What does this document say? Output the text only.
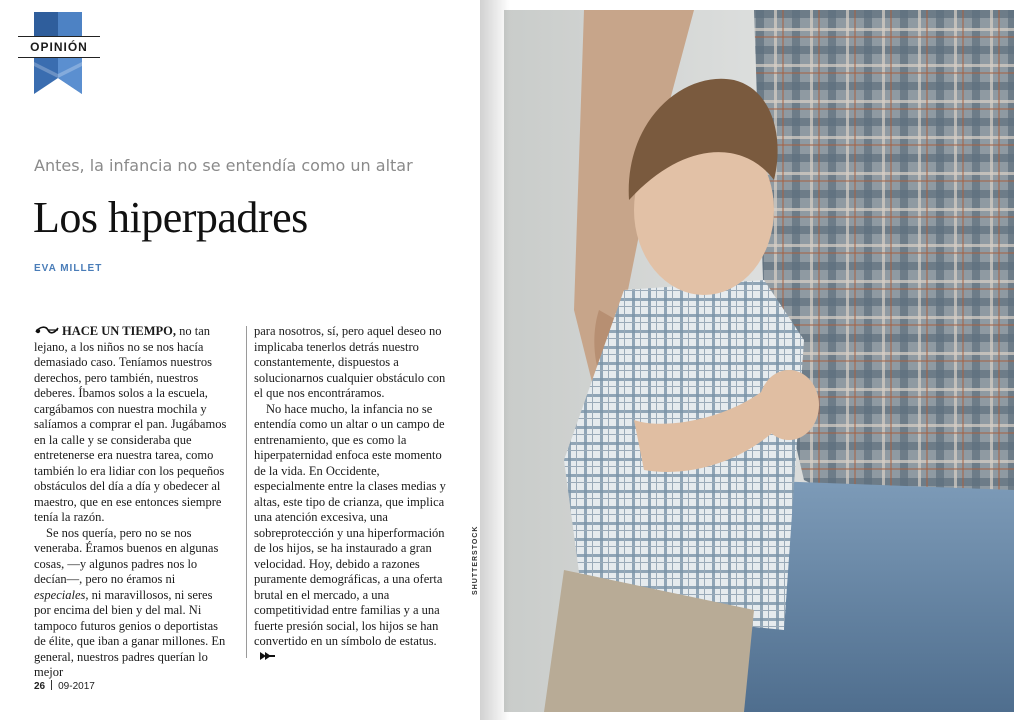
OPINIÓN
Antes, la infancia no se entendía como un altar
Los hiperpadres
EVA MILLET

HACE UN TIEMPO, no tan lejano, a los niños no se nos hacía demasiado caso. Teníamos nuestros derechos, pero también, nuestros deberes. Íbamos solos a la escuela, cargábamos con nuestra mochila y salíamos a comprar el pan. Jugábamos en la calle y se consideraba que entretenerse era nuestra tarea, como también lo era lidiar con los pequeños obstáculos del día a día y obedecer al maestro, que en ese entonces siempre tenía la razón.

Se nos quería, pero no se nos veneraba. Éramos buenos en algunas cosas, —y algunos padres nos lo decían—, pero no éramos ni especiales, ni maravillosos, ni seres por encima del bien y del mal. Ni tampoco futuros genios o deportistas de élite, que iban a ganar millones. En general, nuestros padres querían lo mejor

para nosotros, sí, pero aquel deseo no implicaba tenerlos detrás nuestro constantemente, dispuestos a solucionarnos cualquier obstáculo con el que nos encontráramos.

No hace mucho, la infancia no se entendía como un altar o un campo de entrenamiento, que es como la hiperpaternidad enfoca este momento de la vida. En Occidente, especialmente entre la clases medias y altas, este tipo de crianza, que implica una atención excesiva, una sobreprotección y una hiperformación de los hijos, se ha instaurado a gran velocidad. Hoy, debido a razones puramente demográficas, a una oferta brutal en el mercado, a una competitividad entre familias y a una fuerte presión social, los hijos se han convertido en un símbolo de estatus.

26 09-2017
SHUTTERSTOCK
